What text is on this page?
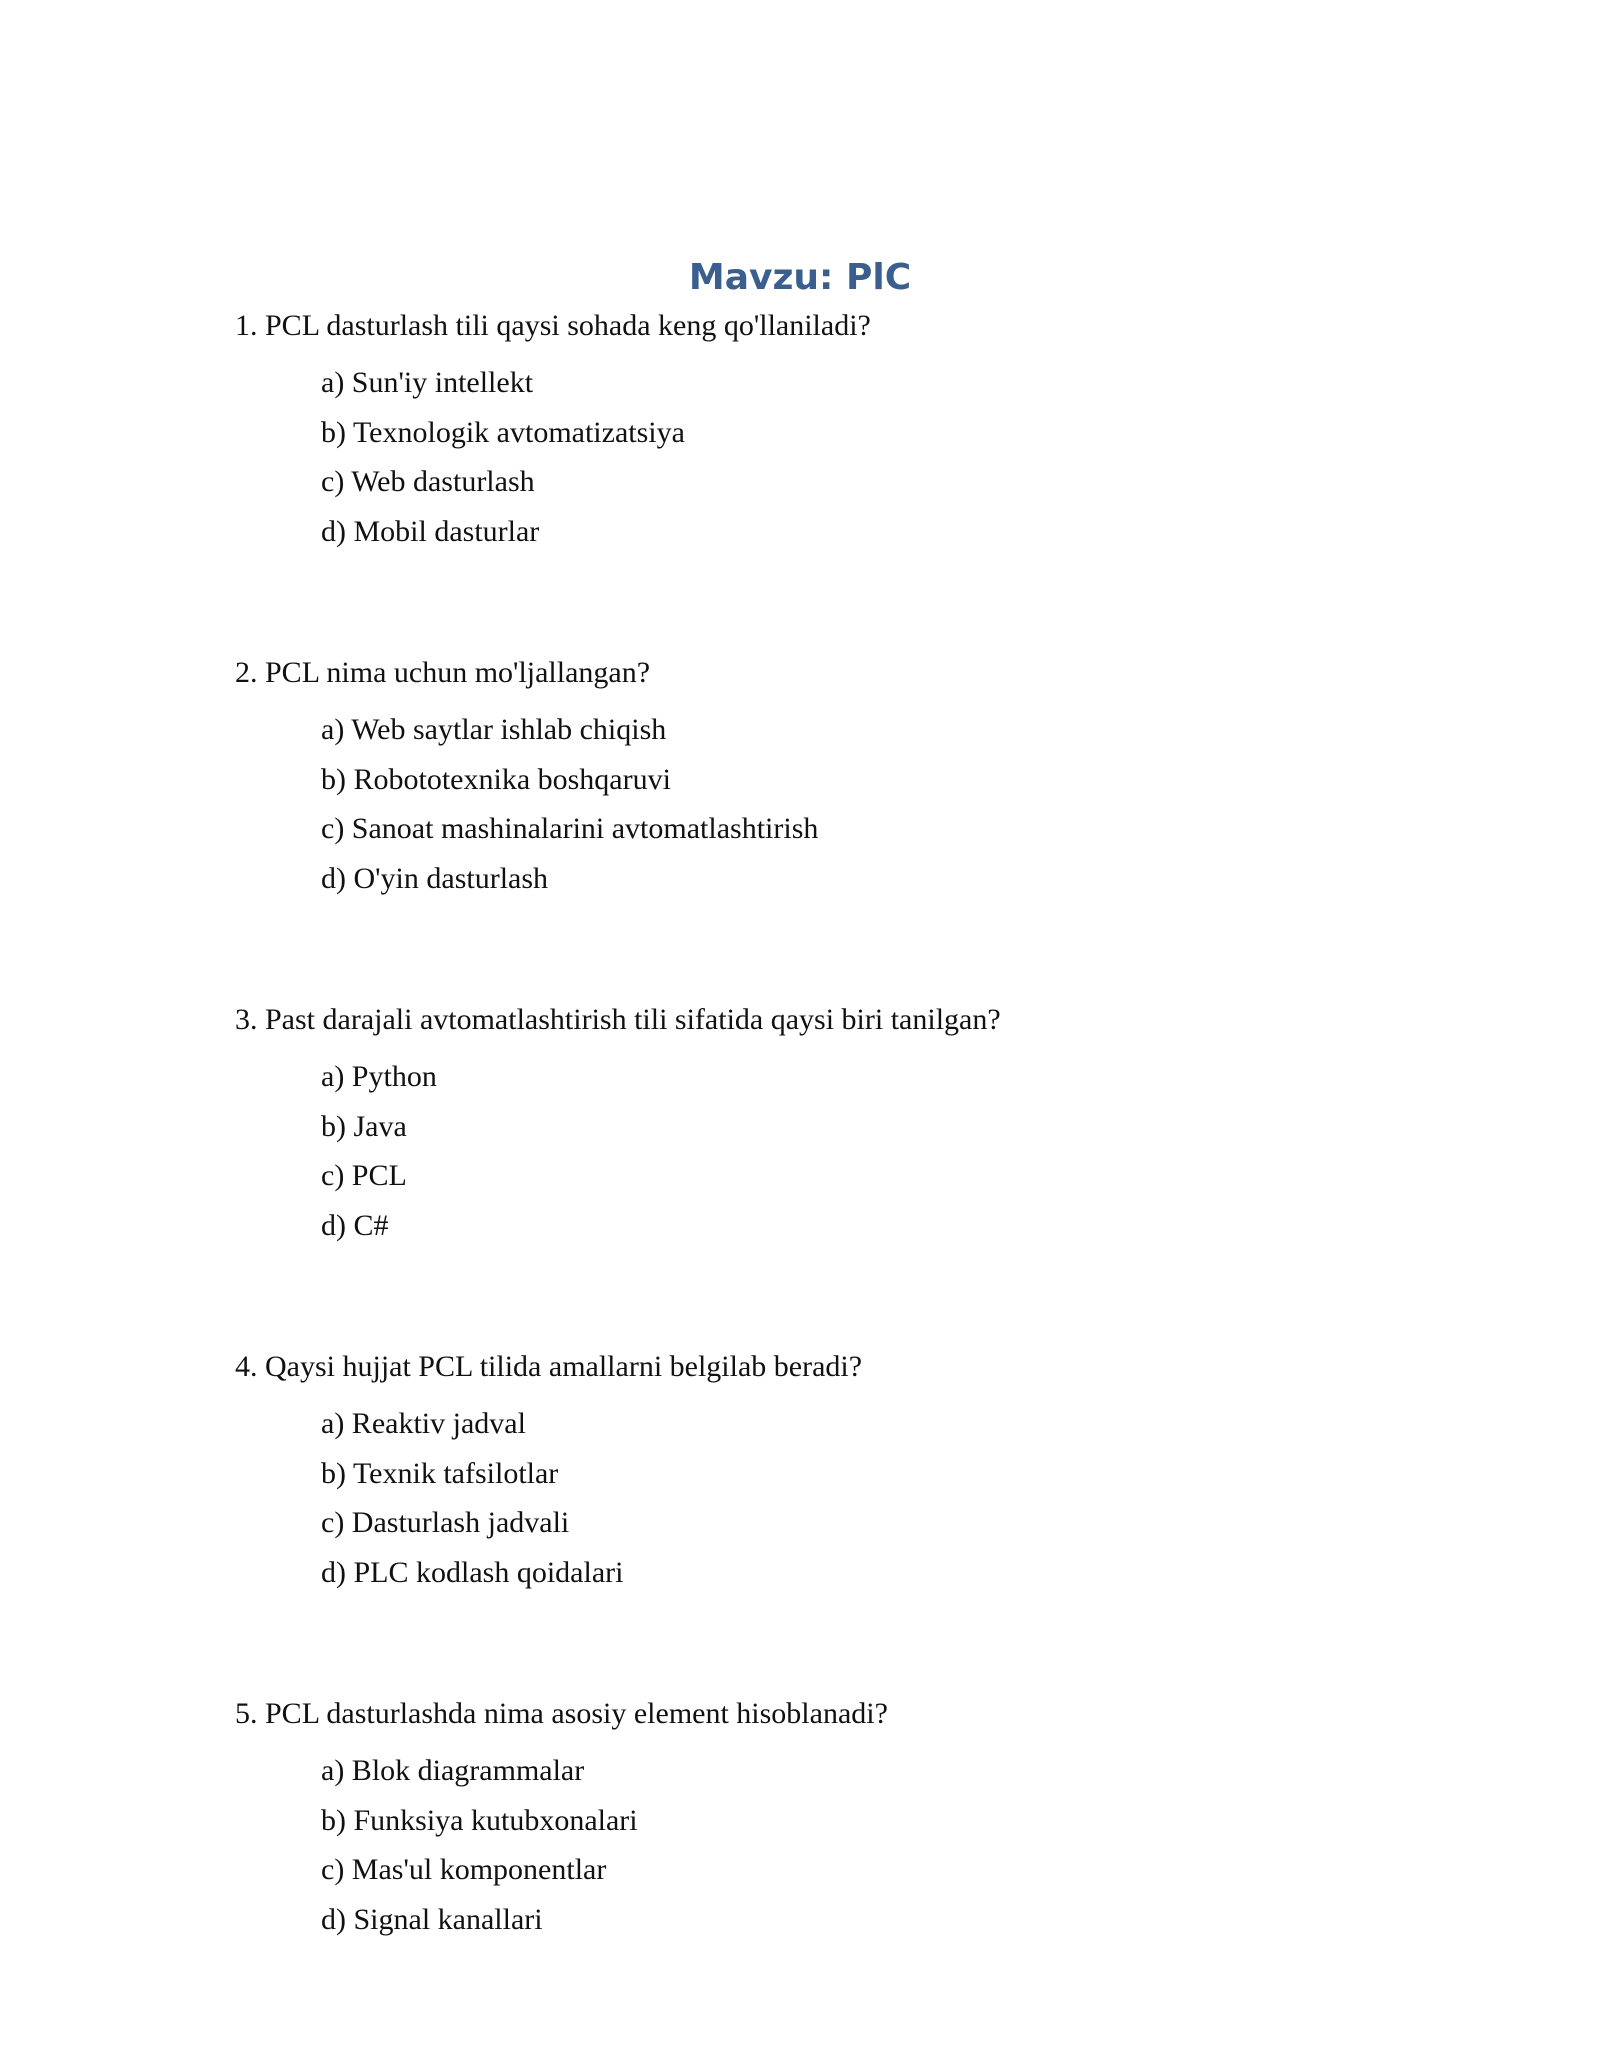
Mavzu: PlC

1. PCL dasturlash tili qaysi sohada keng qo'llaniladi?

a) Sun'iy intellekt
b) Texnologik avtomatizatsiya
c) Web dasturlash
d) Mobil dasturlar

2. PCL nima uchun mo'ljallangan?

a) Web saytlar ishlab chiqish
b) Robototexnika boshqaruvi
c) Sanoat mashinalarini avtomatlashtirish
d) O'yin dasturlash

3. Past darajali avtomatlashtirish tili sifatida qaysi biri tanilgan?

a) Python
b) Java
c) PCL
d) C#

4. Qaysi hujjat PCL tilida amallarni belgilab beradi?

a) Reaktiv jadval
b) Texnik tafsilotlar
c) Dasturlash jadvali
d) PLC kodlash qoidalari

5. PCL dasturlashda nima asosiy element hisoblanadi?

a) Blok diagrammalar
b) Funksiya kutubxonalari
c) Mas'ul komponentlar
d) Signal kanallari
